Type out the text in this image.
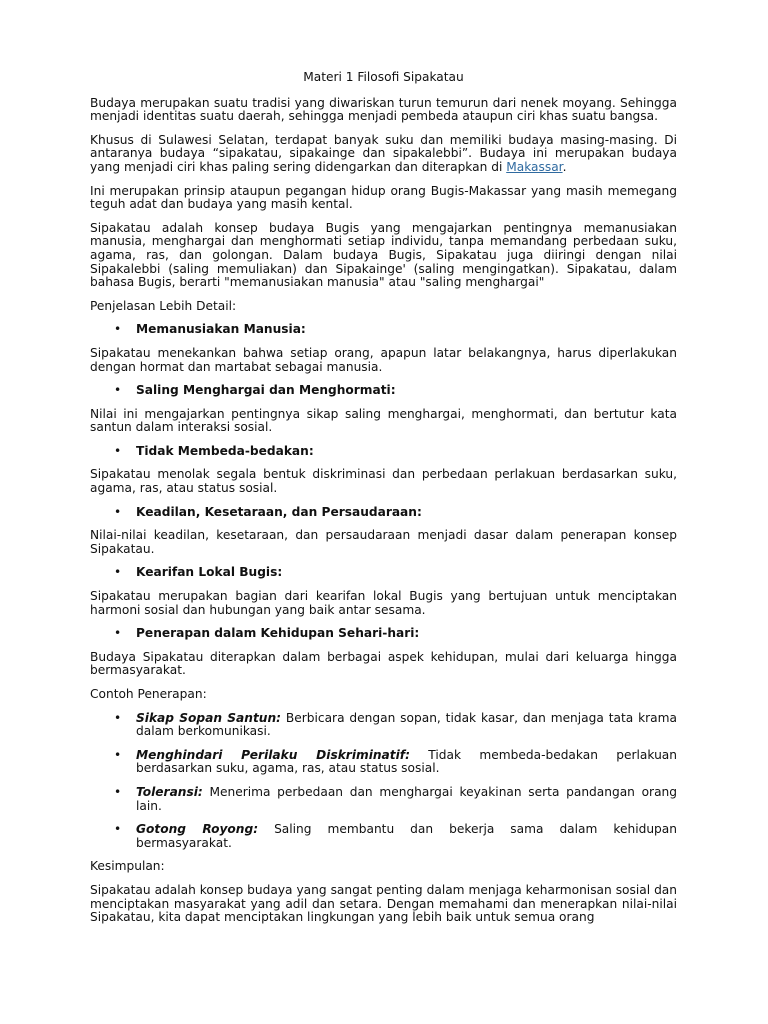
Materi 1 Filosofi Sipakatau

Budaya merupakan suatu tradisi yang diwariskan turun temurun dari nenek moyang. Sehingga menjadi identitas suatu daerah, sehingga menjadi pembeda ataupun ciri khas suatu bangsa.

Khusus di Sulawesi Selatan, terdapat banyak suku dan memiliki budaya masing-masing. Di antaranya budaya “sipakatau, sipakainge dan sipakalebbi”. Budaya ini merupakan budaya yang menjadi ciri khas paling sering didengarkan dan diterapkan di Makassar.

Ini merupakan prinsip ataupun pegangan hidup orang Bugis-Makassar yang masih memegang teguh adat dan budaya yang masih kental.

Sipakatau adalah konsep budaya Bugis yang mengajarkan pentingnya memanusiakan manusia, menghargai dan menghormati setiap individu, tanpa memandang perbedaan suku, agama, ras, dan golongan. Dalam budaya Bugis, Sipakatau juga diiringi dengan nilai Sipakalebbi (saling memuliakan) dan Sipakainge' (saling mengingatkan). Sipakatau, dalam bahasa Bugis, berarti "memanusiakan manusia" atau "saling menghargai"

Penjelasan Lebih Detail:
• Memanusiakan Manusia:

Sipakatau menekankan bahwa setiap orang, apapun latar belakangnya, harus diperlakukan dengan hormat dan martabat sebagai manusia.

• Saling Menghargai dan Menghormati:

Nilai ini mengajarkan pentingnya sikap saling menghargai, menghormati, dan bertutur kata santun dalam interaksi sosial.

• Tidak Membeda-bedakan:

Sipakatau menolak segala bentuk diskriminasi dan perbedaan perlakuan berdasarkan suku, agama, ras, atau status sosial.

• Keadilan, Kesetaraan, dan Persaudaraan:

Nilai-nilai keadilan, kesetaraan, dan persaudaraan menjadi dasar dalam penerapan konsep Sipakatau.

• Kearifan Lokal Bugis:

Sipakatau merupakan bagian dari kearifan lokal Bugis yang bertujuan untuk menciptakan harmoni sosial dan hubungan yang baik antar sesama.

• Penerapan dalam Kehidupan Sehari-hari:

Budaya Sipakatau diterapkan dalam berbagai aspek kehidupan, mulai dari keluarga hingga bermasyarakat.

Contoh Penerapan:
• Sikap Sopan Santun: Berbicara dengan sopan, tidak kasar, dan menjaga tata krama dalam berkomunikasi.
• Menghindari Perilaku Diskriminatif: Tidak membeda-bedakan perlakuan berdasarkan suku, agama, ras, atau status sosial.
• Toleransi: Menerima perbedaan dan menghargai keyakinan serta pandangan orang lain.
• Gotong Royong: Saling membantu dan bekerja sama dalam kehidupan bermasyarakat.
Kesimpulan:

Sipakatau adalah konsep budaya yang sangat penting dalam menjaga keharmonisan sosial dan menciptakan masyarakat yang adil dan setara. Dengan memahami dan menerapkan nilai-nilai Sipakatau, kita dapat menciptakan lingkungan yang lebih baik untuk semua orang
